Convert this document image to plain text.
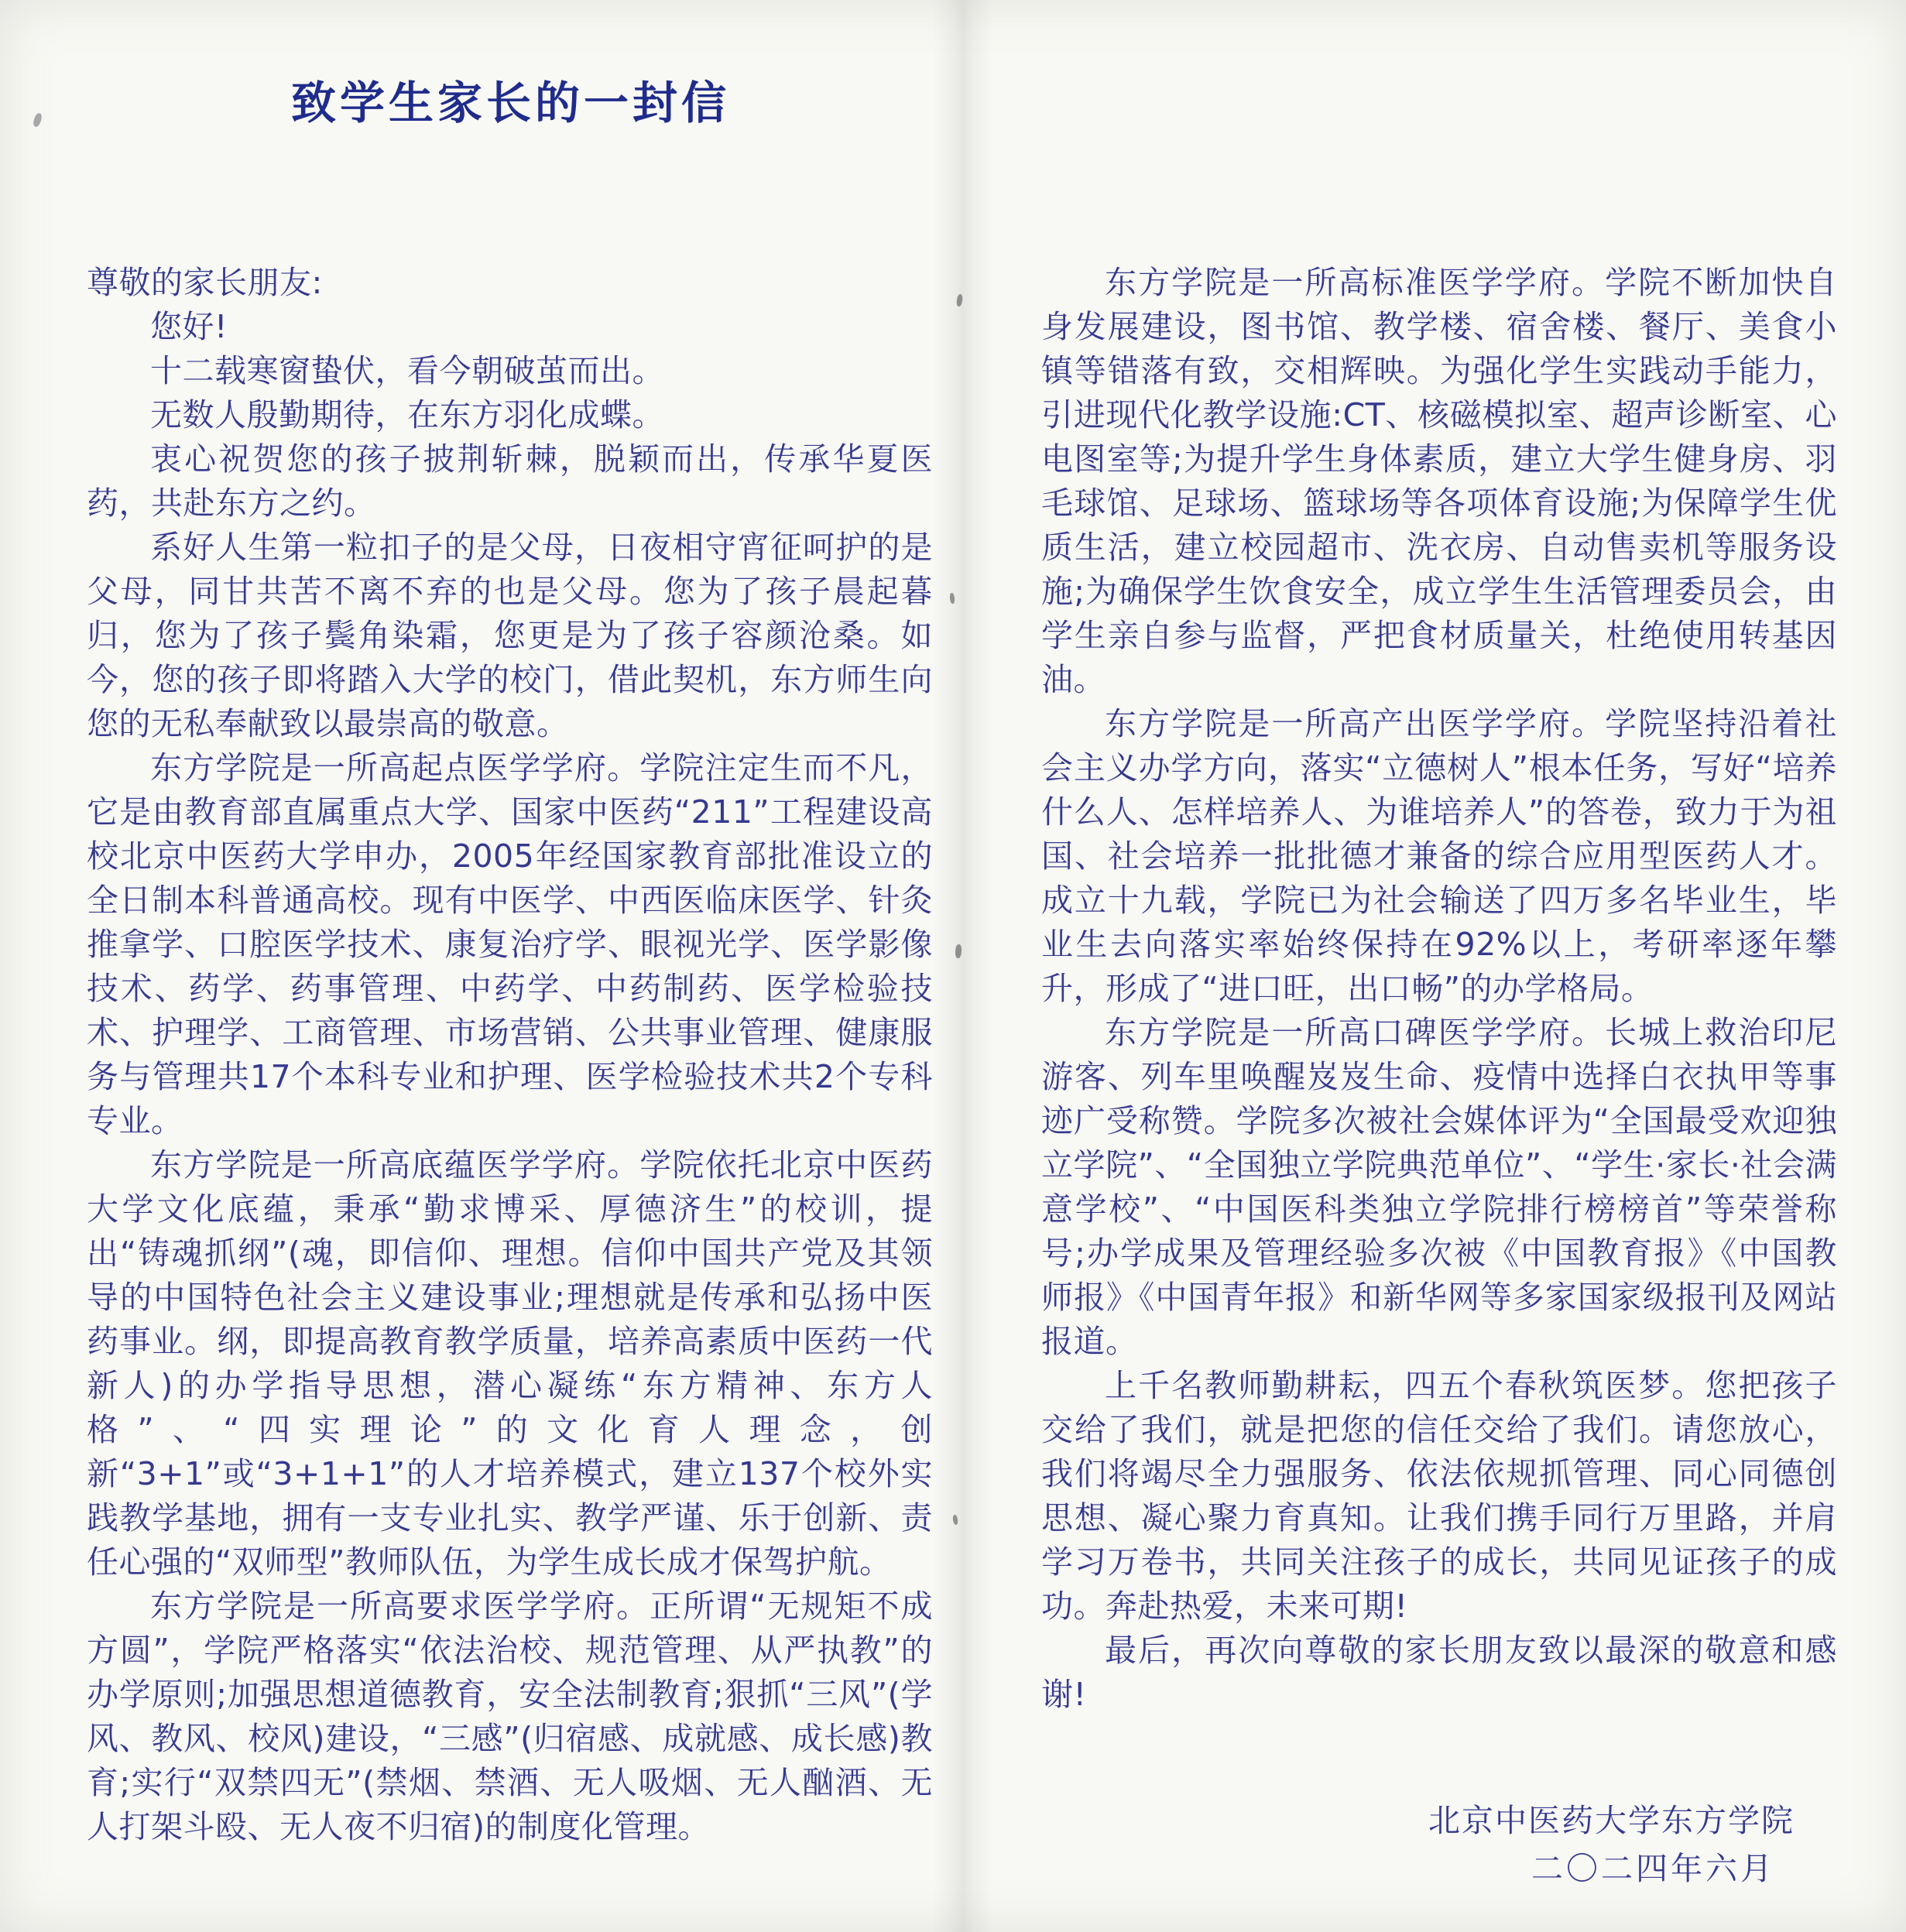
致学生家长的一封信

尊敬的家长朋友:

您好!

十二载寒窗蛰伏，看今朝破茧而出。

无数人殷勤期待，在东方羽化成蝶。

衷心祝贺您的孩子披荆斩棘，脱颖而出，传承华夏医药，共赴东方之约。

系好人生第一粒扣子的是父母，日夜相守宵征呵护的是父母，同甘共苦不离不弃的也是父母。您为了孩子晨起暮归，您为了孩子鬓角染霜，您更是为了孩子容颜沧桑。如今，您的孩子即将踏入大学的校门，借此契机，东方师生向您的无私奉献致以最崇高的敬意。

东方学院是一所高起点医学学府。学院注定生而不凡，它是由教育部直属重点大学、国家中医药“211”工程建设高校北京中医药大学申办，2005年经国家教育部批准设立的全日制本科普通高校。现有中医学、中西医临床医学、针灸推拿学、口腔医学技术、康复治疗学、眼视光学、医学影像技术、药学、药事管理、中药学、中药制药、医学检验技术、护理学、工商管理、市场营销、公共事业管理、健康服务与管理共17个本科专业和护理、医学检验技术共2个专科专业。

东方学院是一所高底蕴医学学府。学院依托北京中医药大学文化底蕴，秉承“勤求博采、厚德济生”的校训，提出“铸魂抓纲”(魂，即信仰、理想。信仰中国共产党及其领导的中国特色社会主义建设事业;理想就是传承和弘扬中医药事业。纲，即提高教育教学质量，培养高素质中医药一代新人)的办学指导思想，潜心凝练“东方精神、东方人格”、“四实理论”的文化育人理念，创新“3+1”或“3+1+1”的人才培养模式，建立137个校外实践教学基地，拥有一支专业扎实、教学严谨、乐于创新、责任心强的“双师型”教师队伍，为学生成长成才保驾护航。

东方学院是一所高要求医学学府。正所谓“无规矩不成方圆”，学院严格落实“依法治校、规范管理、从严执教”的办学原则;加强思想道德教育，安全法制教育;狠抓“三风”(学风、教风、校风)建设，“三感”(归宿感、成就感、成长感)教育;实行“双禁四无”(禁烟、禁酒、无人吸烟、无人酗酒、无人打架斗殴、无人夜不归宿)的制度化管理。

东方学院是一所高标准医学学府。学院不断加快自身发展建设，图书馆、教学楼、宿舍楼、餐厅、美食小镇等错落有致，交相辉映。为强化学生实践动手能力，引进现代化教学设施:CT、核磁模拟室、超声诊断室、心电图室等;为提升学生身体素质，建立大学生健身房、羽毛球馆、足球场、篮球场等各项体育设施;为保障学生优质生活，建立校园超市、洗衣房、自动售卖机等服务设施;为确保学生饮食安全，成立学生生活管理委员会，由学生亲自参与监督，严把食材质量关，杜绝使用转基因油。

东方学院是一所高产出医学学府。学院坚持沿着社会主义办学方向，落实“立德树人”根本任务，写好“培养什么人、怎样培养人、为谁培养人”的答卷，致力于为祖国、社会培养一批批德才兼备的综合应用型医药人才。成立十九载，学院已为社会输送了四万多名毕业生，毕业生去向落实率始终保持在92%以上，考研率逐年攀升，形成了“进口旺，出口畅”的办学格局。

东方学院是一所高口碑医学学府。长城上救治印尼游客、列车里唤醒岌岌生命、疫情中选择白衣执甲等事迹广受称赞。学院多次被社会媒体评为“全国最受欢迎独立学院”、“全国独立学院典范单位”、“学生·家长·社会满意学校”、“中国医科类独立学院排行榜榜首”等荣誉称号;办学成果及管理经验多次被《中国教育报》《中国教师报》《中国青年报》和新华网等多家国家级报刊及网站报道。

上千名教师勤耕耘，四五个春秋筑医梦。您把孩子交给了我们，就是把您的信任交给了我们。请您放心，我们将竭尽全力强服务、依法依规抓管理、同心同德创思想、凝心聚力育真知。让我们携手同行万里路，并肩学习万卷书，共同关注孩子的成长，共同见证孩子的成功。奔赴热爱，未来可期!

最后，再次向尊敬的家长朋友致以最深的敬意和感谢!

北京中医药大学东方学院
二〇二四年六月
